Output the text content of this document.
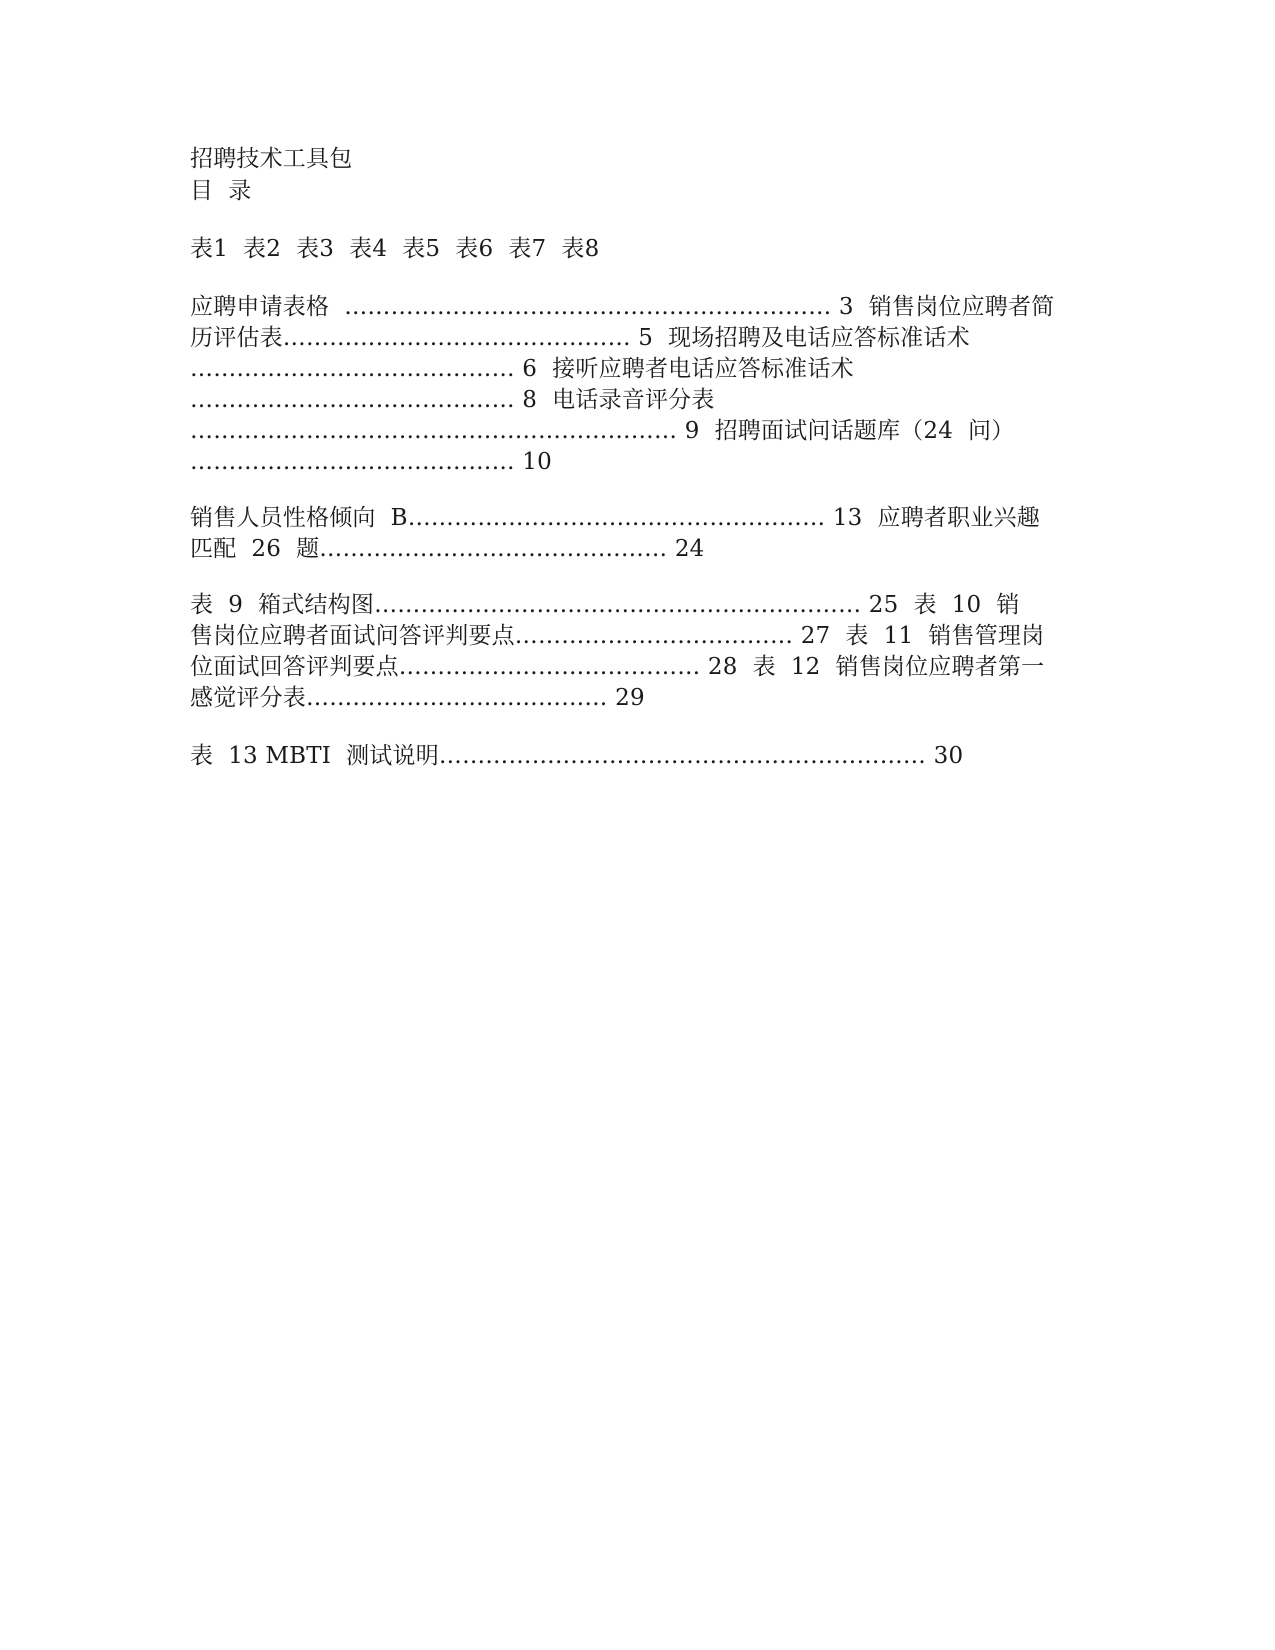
招聘技术工具包
目  录
表1  表2  表3  表4  表5  表6  表7  表8
应聘申请表格  ……………………………………………………… 3  销售岗位应聘者简
历评估表……………………………………… 5  现场招聘及电话应答标准话术
…………………………………… 6  接听应聘者电话应答标准话术
…………………………………… 8  电话录音评分表
……………………………………………………… 9  招聘面试问话题库（24  问）
…………………………………… 10
销售人员性格倾向  B……………………………………………… 13  应聘者职业兴趣
匹配  26  题……………………………………… 24
表  9  箱式结构图……………………………………………………… 25  表  10  销
售岗位应聘者面试问答评判要点……………………………… 27  表  11  销售管理岗
位面试回答评判要点………………………………… 28  表  12  销售岗位应聘者第一
感觉评分表………………………………… 29
表  13 MBTI  测试说明……………………………………………………… 30
